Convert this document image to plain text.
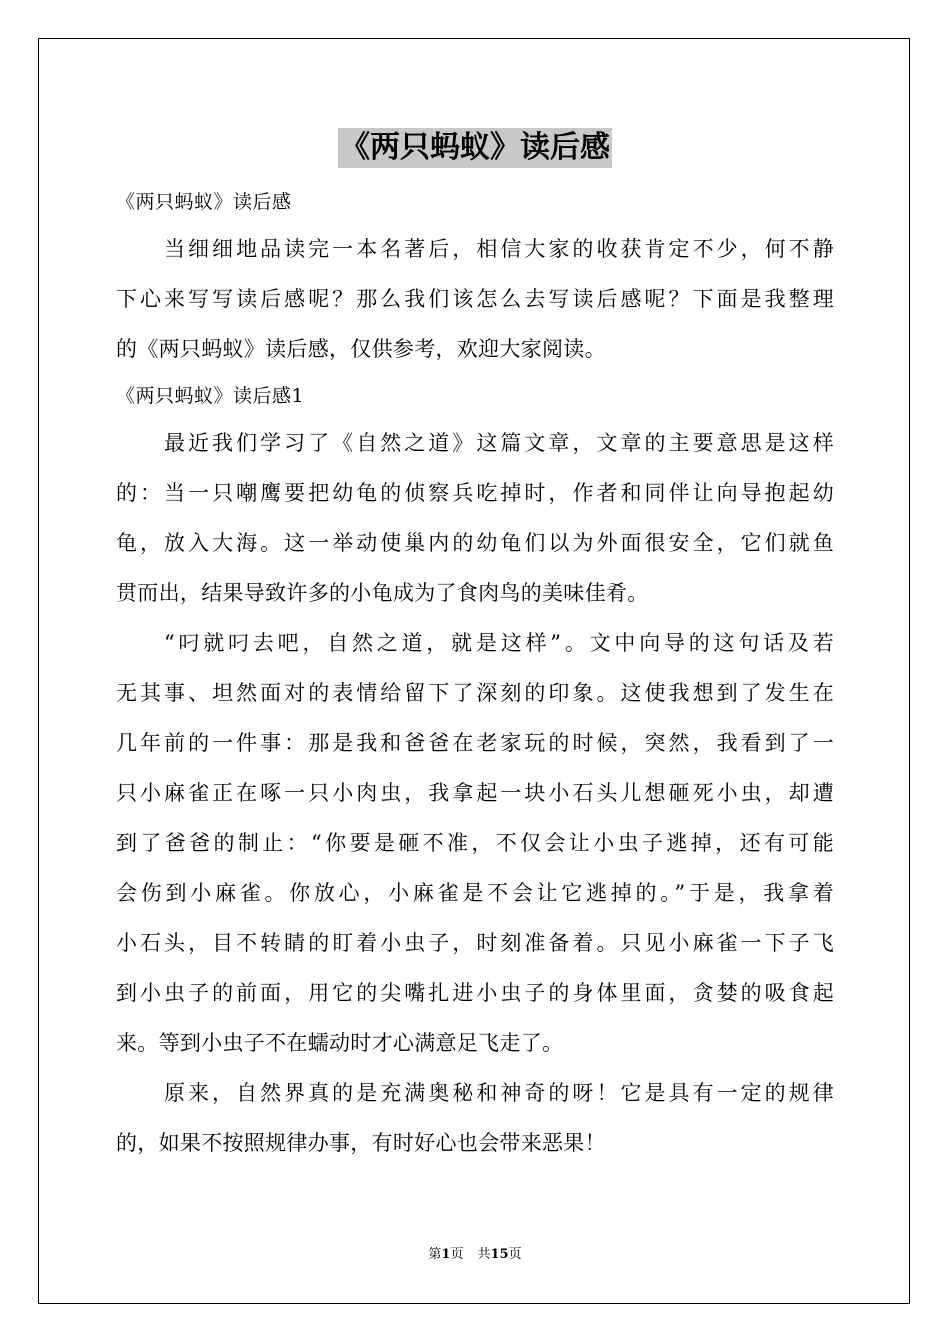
《两只蚂蚁》读后感
《两只蚂蚁》读后感
当细细地品读完一本名著后，相信大家的收获肯定不少，何不静
下心来写写读后感呢？那么我们该怎么去写读后感呢？下面是我整理
的《两只蚂蚁》读后感，仅供参考，欢迎大家阅读。
《两只蚂蚁》读后感1
最近我们学习了《自然之道》这篇文章，文章的主要意思是这样
的：当一只嘲鹰要把幼龟的侦察兵吃掉时，作者和同伴让向导抱起幼
龟，放入大海。这一举动使巢内的幼龟们以为外面很安全，它们就鱼
贯而出，结果导致许多的小龟成为了食肉鸟的美味佳肴。
“叼就叼去吧，自然之道，就是这样”。文中向导的这句话及若
无其事、坦然面对的表情给留下了深刻的印象。这使我想到了发生在
几年前的一件事：那是我和爸爸在老家玩的时候，突然，我看到了一
只小麻雀正在啄一只小肉虫，我拿起一块小石头儿想砸死小虫，却遭
到了爸爸的制止：“你要是砸不准，不仅会让小虫子逃掉，还有可能
会伤到小麻雀。你放心，小麻雀是不会让它逃掉的。”于是，我拿着
小石头，目不转睛的盯着小虫子，时刻准备着。只见小麻雀一下子飞
到小虫子的前面，用它的尖嘴扎进小虫子的身体里面，贪婪的吸食起
来。等到小虫子不在蠕动时才心满意足飞走了。
原来，自然界真的是充满奥秘和神奇的呀！它是具有一定的规律
的，如果不按照规律办事，有时好心也会带来恶果！
第1页 共15页
